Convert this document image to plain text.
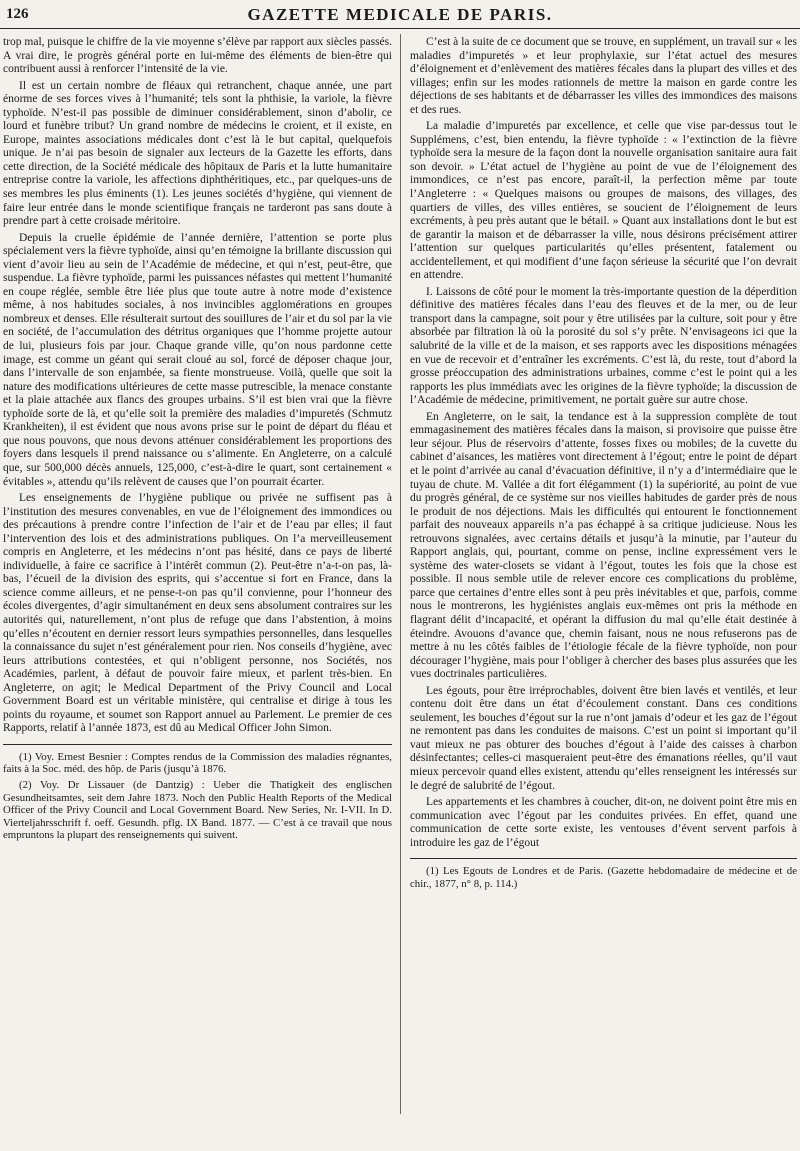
126	GAZETTE MEDICALE DE PARIS.

trop mal, puisque le chiffre de la vie moyenne s’élève par rapport aux siècles passés. A vrai dire, le progrès général porte en lui-même des éléments de bien-être qui contribuent aussi à renforcer l’intensité de la vie.

Il est un certain nombre de fléaux qui retranchent, chaque année, une part énorme de ses forces vives à l’humanité; tels sont la phthisie, la variole, la fièvre typhoïde. N’est-il pas possible de diminuer considérablement, sinon d’abolir, ce lourd et funèbre tribut? Un grand nombre de médecins le croient, et il existe, en Europe, maintes associations médicales dont c’est là le but capital, quelquefois unique. Je n’ai pas besoin de signaler aux lecteurs de la Gazette les efforts, dans cette direction, de la Société médicale des hôpitaux de Paris et la lutte humanitaire entreprise contre la variole, les affections diphthéritiques, etc., par quelques-uns de ses membres les plus éminents (1). Les jeunes sociétés d’hygiène, qui viennent de faire leur entrée dans le monde scientifique français ne tarderont pas sans doute à prendre part à cette croisade méritoire.

Depuis la cruelle épidémie de l’année dernière, l’attention se porte plus spécialement vers la fièvre typhoïde, ainsi qu’en témoigne la brillante discussion qui vient d’avoir lieu au sein de l’Académie de médecine, et qui n’est, peut-être, que suspendue. La fièvre typhoïde, parmi les puissances néfastes qui mettent l’humanité en coupe réglée, semble être liée plus que toute autre à notre mode d’existence même, à nos habitudes sociales, à nos invincibles agglomérations en groupes nombreux et denses. Elle résulterait surtout des souillures de l’air et du sol par la vie en société, de l’accumulation des détritus organiques que l’homme projette autour de lui, plusieurs fois par jour. Chaque grande ville, qu’on nous pardonne cette image, est comme un géant qui serait cloué au sol, forcé de déposer chaque jour, dans l’intervalle de son enjambée, sa fiente monstrueuse. Voilà, quelle que soit la nature des modifications ultérieures de cette masse putrescible, la menace constante et la plaie attachée aux flancs des groupes urbains. S’il est bien vrai que la fièvre typhoïde sorte de là, et qu’elle soit la première des maladies d’impuretés (Schmutz Krankheiten), il est évident que nous avons prise sur le point de départ du fléau et que nous pouvons, que nous devons atténuer considérablement les proportions des foyers dans lesquels il prend naissance ou s’alimente. En Angleterre, on a calculé que, sur 500,000 décès annuels, 125,000, c’est-à-dire le quart, sont certainement « évitables », attendu qu’ils relèvent de causes que l’on pourrait écarter.

Les enseignements de l’hygiène publique ou privée ne suffisent pas à l’institution des mesures convenables, en vue de l’éloignement des immondices ou des précautions à prendre contre l’infection de l’air et de l’eau par elles; il faut l’intervention des lois et des administrations publiques. On l’a merveilleusement compris en Angleterre, et les médecins n’ont pas hésité, dans ce pays de liberté individuelle, à faire ce sacrifice à l’intérêt commun (2). Peut-être n’a-t-on pas, là-bas, l’écueil de la division des esprits, qui s’accentue si fort en France, dans la science comme ailleurs, et ne pense-t-on pas qu’il convienne, pour l’honneur des écoles divergentes, d’agir simultanément en deux sens absolument contraires sur les autorités qui, naturellement, n’ont plus de refuge que dans l’abstention, à moins qu’elles n’écoutent en dernier ressort leurs sympathies personnelles, dans lesquelles la connaissance du sujet n’est généralement pour rien. Nos conseils d’hygiène, avec leurs attributions contestées, et qui n’obligent personne, nos Sociétés, nos Académies, parlent, à défaut de pouvoir faire mieux, et parlent très-bien. En Angleterre, on agit; le Medical Department of the Privy Council and Local Government Board est un véritable ministère, qui centralise et dirige à tous les points du royaume, et soumet son Rapport annuel au Parlement. Le premier de ces Rapports, relatif à l’année 1873, est dû au Medical Officer John Simon.

(1) Voy. Ernest Besnier : Comptes rendus de la Commission des maladies régnantes, faits à la Soc. méd. des hôp. de Paris (jusqu’à 1876.

(2) Voy. Dr Lissauer (de Dantzig) : Ueber die Thatigkeit des englischen Gesundheitsamtes, seit dem Jahre 1873. Noch den Public Health Reports of the Medical Officer of the Privy Council and Local Government Board. New Series, Nr. I-VII. In D. Vierteljahrsschrift f. oeff. Gesundh. pflg. IX Band. 1877. — C’est à ce travail que nous empruntons la plupart des renseignements qui suivent.

C’est à la suite de ce document que se trouve, en supplément, un travail sur « les maladies d’impuretés » et leur prophylaxie, sur l’état actuel des mesures d’éloignement et d’enlèvement des matières fécales dans la plupart des villes et des villages; enfin sur les modes rationnels de mettre la maison en garde contre les déjections de ses habitants et de débarrasser les villes des immondices des maisons et des rues.

La maladie d’impuretés par excellence, et celle que vise par-dessus tout le Supplémens, c’est, bien entendu, la fièvre typhoïde : « l’extinction de la fièvre typhoïde sera la mesure de la façon dont la nouvelle organisation sanitaire aura fait son devoir. » L’état actuel de l’hygiène au point de vue de l’éloignement des immondices, ce n’est pas encore, paraît-il, la perfection même par toute l’Angleterre : « Quelques maisons ou groupes de maisons, des villages, des quartiers de villes, des villes entières, se soucient de l’éloignement de leurs excréments, à peu près autant que le bétail. » Quant aux installations dont le but est de garantir la maison et de débarrasser la ville, nous désirons précisément attirer l’attention sur quelques particularités qu’elles présentent, fatalement ou accidentellement, et qui modifient d’une façon sérieuse la sécurité que l’on devrait en attendre.

I. Laissons de côté pour le moment la très-importante question de la déperdition définitive des matières fécales dans l’eau des fleuves et de la mer, ou de leur transport dans la campagne, soit pour y être utilisées par la culture, soit pour y être absorbée par filtration là où la porosité du sol s’y prête. N’envisageons ici que la salubrité de la ville et de la maison, et ses rapports avec les dispositions ménagées en vue de recevoir et d’entraîner les excréments. C’est là, du reste, tout d’abord la grosse préoccupation des administrations urbaines, comme c’est le point qui a les rapports les plus immédiats avec les origines de la fièvre typhoïde; la discussion de l’Académie de médecine, primitivement, ne portait guère sur autre chose.

En Angleterre, on le sait, la tendance est à la suppression complète de tout emmagasinement des matières fécales dans la maison, si provisoire que puisse être leur séjour. Plus de réservoirs d’attente, fosses fixes ou mobiles; de la cuvette du cabinet d’aisances, les matières vont directement à l’égout; entre le point de départ et le point d’arrivée au canal d’évacuation définitive, il n’y a d’intermédiaire que le tuyau de chute. M. Vallée a dit fort élégamment (1) la supériorité, au point de vue du progrès général, de ce système sur nos vieilles habitudes de garder près de nous le produit de nos déjections. Mais les difficultés qui entourent le fonctionnement parfait des nouveaux appareils n’a pas échappé à sa critique judicieuse. Nous les retrouvons signalées, avec certains détails et jusqu’à la minutie, par l’auteur du Rapport anglais, qui, pourtant, comme on pense, incline expressément vers le système des water-closets se vidant à l’égout, toutes les fois que la chose est possible. Il nous semble utile de relever encore ces complications du problème, parce que certaines d’entre elles sont à peu près inévitables et que, parfois, comme nous le montrerons, les hygiénistes anglais eux-mêmes ont pris la méthode en flagrant délit d’incapacité, et opérant la diffusion du mal qu’elle était destinée à éteindre. Avouons d’avance que, chemin faisant, nous ne nous refuserons pas de mettre à nu les côtés faibles de l’étiologie fécale de la fièvre typhoïde, non pour décourager l’hygiène, mais pour l’obliger à chercher des bases plus assurées que les vues doctrinales particulières.

Les égouts, pour être irréprochables, doivent être bien lavés et ventilés, et leur contenu doit être dans un état d’écoulement constant. Dans ces conditions seulement, les bouches d’égout sur la rue n’ont jamais d’odeur et les gaz de l’égout ne remontent pas dans les conduites de maisons. C’est un point si important qu’il vaut mieux ne pas obturer des bouches d’égout à l’aide des caisses à charbon désinfectantes; celles-ci masqueraient peut-être des émanations réelles, qu’il vaut mieux percevoir quand elles existent, attendu qu’elles renseignent les intéressés sur le degré de salubrité de l’égout.

Les appartements et les chambres à coucher, dit-on, ne doivent point être mis en communication avec l’égout par les conduites privées. En effet, quand une communication de cette sorte existe, les ventouses d’évent servent parfois à introduire les gaz de l’égout

(1) Les Egouts de Londres et de Paris. (Gazette hebdomadaire de médecine et de chir., 1877, n° 8, p. 114.)
